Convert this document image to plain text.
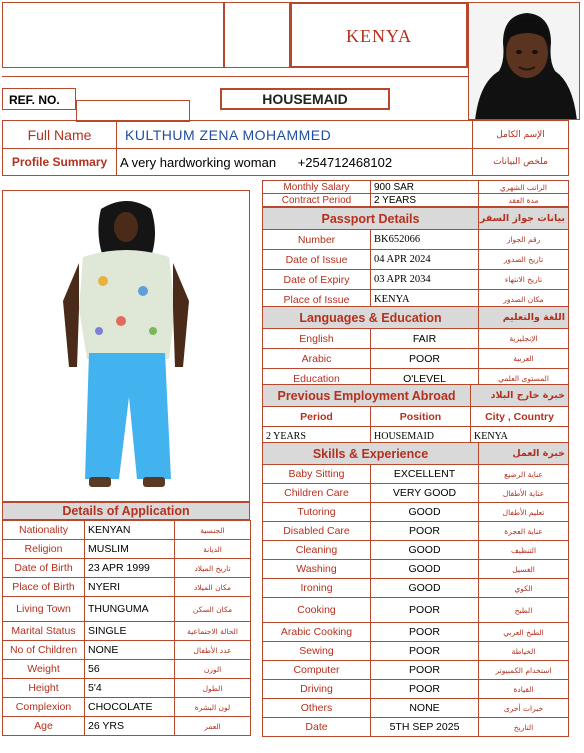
KENYA
REF. NO.	HOUSEMAID
Full Name	KULTHUM ZENA MOHAMMED	الإسم الكامل
Profile Summary	A very hardworking woman +254712468102	ملخص البيانات
Details of Application
Nationality	KENYAN	الجنسية
Religion	MUSLIM	الديانة
Date of Birth	23 APR 1999	تاريخ الميلاد
Place of Birth	NYERI	مكان الميلاد
Living Town	THUNGUMA	مكان السكن
Marital Status	SINGLE	الحالة الاجتماعية
No of Children	NONE	عدد الأطفال
Weight	56	الوزن
Height	5'4	الطول
Complexion	CHOCOLATE	لون البشرة
Age	26 YRS	العمر
Monthly Salary	900 SAR	الراتب الشهري
Contract Period	2 YEARS	مدة العقد
Passport Details		بيانات جواز السفر
Number	BK652066	رقم الجواز
Date of Issue	04 APR 2024	تاريخ الصدور
Date of Expiry	03 APR 2034	تاريخ الانتهاء
Place of Issue	KENYA	مكان الصدور
Languages & Education		اللغة والتعليم
English	FAIR	الإنجليزية
Arabic	POOR	العربية
Education	O'LEVEL	المستوى العلمي
Previous Employment Abroad		خبرة خارج البلاد
Period	Position	City , Country
2 YEARS	HOUSEMAID	KENYA
Skills & Experience		خبرة العمل
Baby Sitting	EXCELLENT	عناية الرضيع
Children Care	VERY GOOD	عناية الأطفال
Tutoring	GOOD	تعليم الأطفال
Disabled Care	POOR	عناية العجزة
Cleaning	GOOD	التنظيف
Washing	GOOD	الغسيل
Ironing	GOOD	الكوي
Cooking	POOR	الطبخ
Arabic Cooking	POOR	الطبخ العربي
Sewing	POOR	الخياطة
Computer	POOR	استخدام الكمبيوتر
Driving	POOR	القيادة
Others	NONE	خبرات أخرى
Date	5TH SEP 2025	التاريخ
